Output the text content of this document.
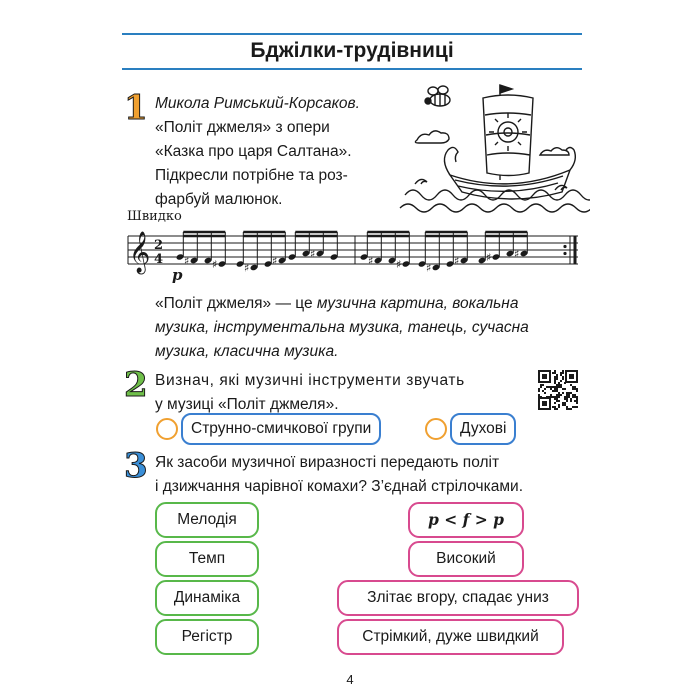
Бджілки-трудівниці
1 Микола Римський-Корсаков.
«Політ джмеля» з опери
«Казка про царя Салтана».
Підкресли потрібне та роз-
фарбуй малюнок.
Швидко
𝄞 2
4
p
♯ ♯ ♯
♯
♯
♯ ♯ ♯
♯ ♯ ♯
«Політ джмеля» — це музична картина, вокальна
музика, інструментальна музика, танець, сучасна
музика, класична музика.
2 Визнач, які музичні інструменти звучать
у музиці «Політ джмеля».
Струнно-смичкової групи	Духові
3 Як засоби музичної виразності передають політ
і дзижчання чарівної комахи? З’єднай стрілочками.
Мелодія
Темп
Динаміка
Регістр
p < f > p
Високий
Злітає вгору, спадає униз
Стрімкий, дуже швидкий
4
